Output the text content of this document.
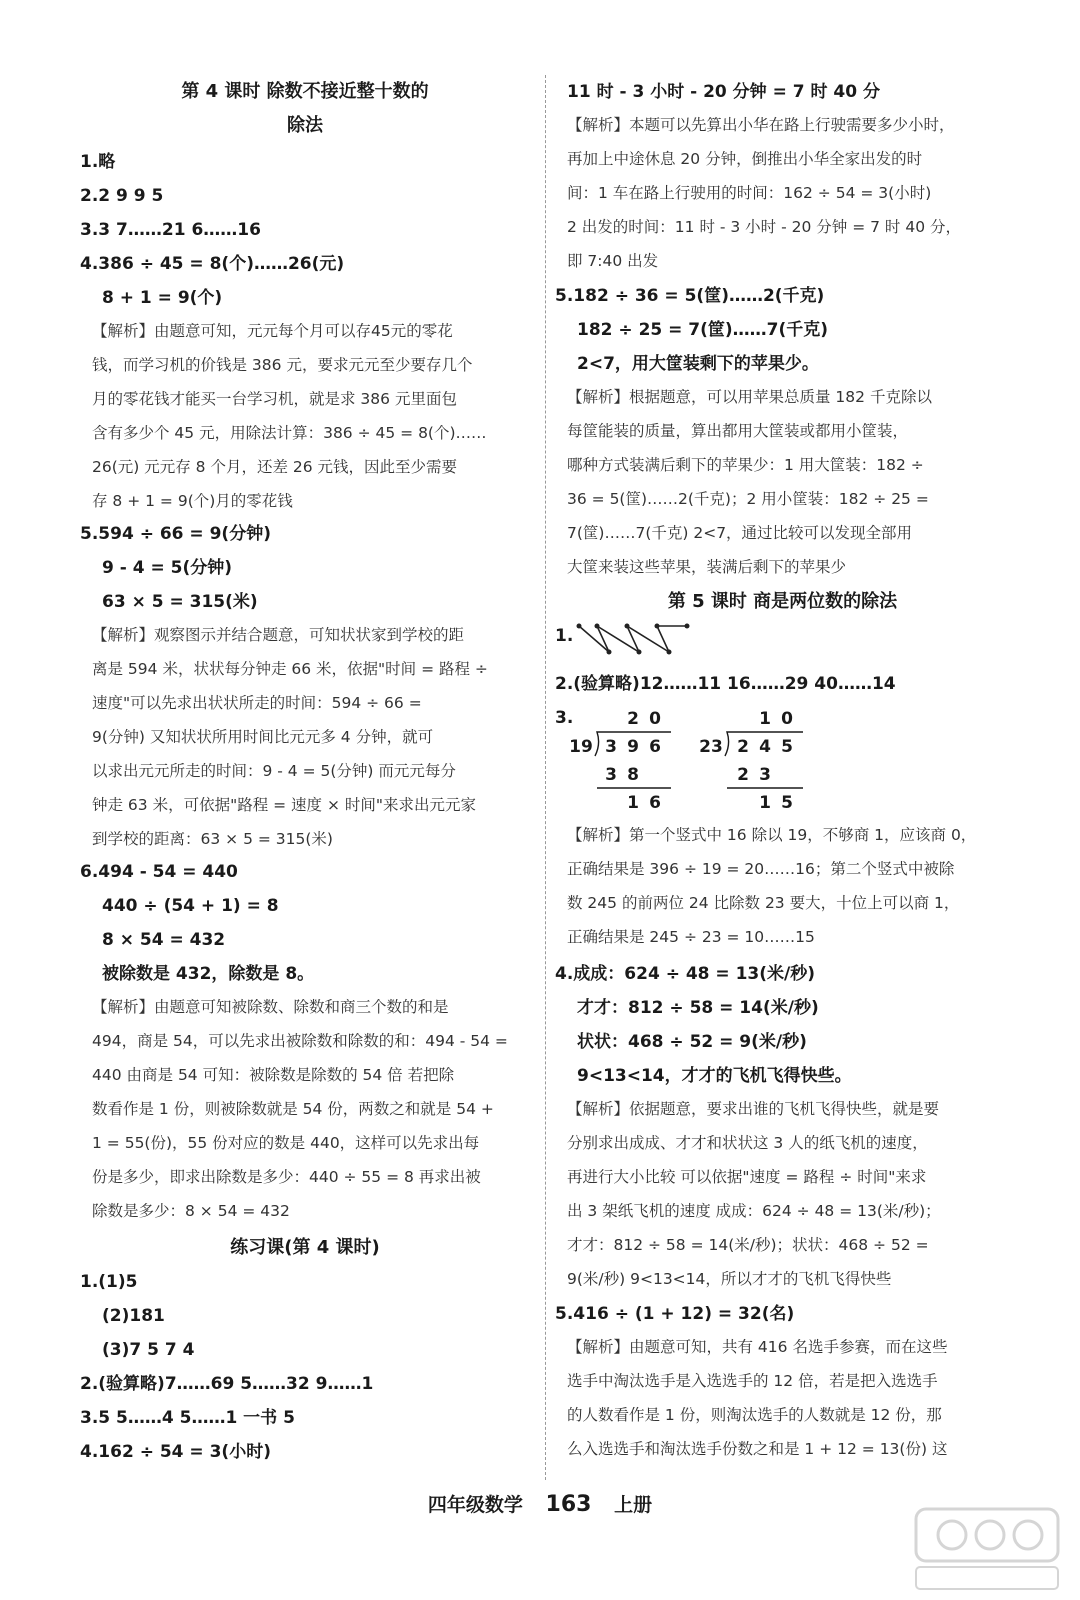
第 4 课时 除数不接近整十数的
除法
1.略
2.2 9 9 5
3.3 7……21 6……16
4.386 ÷ 45 = 8(个)……26(元)
8 + 1 = 9(个)
【解析】由题意可知，元元每个月可以存45元的零花
钱，而学习机的价钱是 386 元，要求元元至少要存几个
月的零花钱才能买一台学习机，就是求 386 元里面包
含有多少个 45 元，用除法计算：386 ÷ 45 = 8(个)……
26(元) 元元存 8 个月，还差 26 元钱，因此至少需要
存 8 + 1 = 9(个)月的零花钱
5.594 ÷ 66 = 9(分钟)
9 - 4 = 5(分钟)
63 × 5 = 315(米)
【解析】观察图示并结合题意，可知状状家到学校的距
离是 594 米，状状每分钟走 66 米，依据"时间 = 路程 ÷
速度"可以先求出状状所走的时间：594 ÷ 66 =
9(分钟) 又知状状所用时间比元元多 4 分钟，就可
以求出元元所走的时间：9 - 4 = 5(分钟) 而元元每分
钟走 63 米，可依据"路程 = 速度 × 时间"来求出元元家
到学校的距离：63 × 5 = 315(米)
6.494 - 54 = 440
440 ÷ (54 + 1) = 8
8 × 54 = 432
被除数是 432，除数是 8。
【解析】由题意可知被除数、除数和商三个数的和是
494，商是 54，可以先求出被除数和除数的和：494 - 54 =
440 由商是 54 可知：被除数是除数的 54 倍 若把除
数看作是 1 份，则被除数就是 54 份，两数之和就是 54 +
1 = 55(份)，55 份对应的数是 440，这样可以先求出每
份是多少，即求出除数是多少：440 ÷ 55 = 8 再求出被
除数是多少：8 × 54 = 432
练习课(第 4 课时)
1.(1)5
(2)181
(3)7 5 7 4
2.(验算略)7……69 5……32 9……1
3.5 5……4 5……1 一书 5
4.162 ÷ 54 = 3(小时)
11 时 - 3 小时 - 20 分钟 = 7 时 40 分
【解析】本题可以先算出小华在路上行驶需要多少小时，
再加上中途休息 20 分钟，倒推出小华全家出发的时
间：1 车在路上行驶用的时间：162 ÷ 54 = 3(小时)
2 出发的时间：11 时 - 3 小时 - 20 分钟 = 7 时 40 分，
即 7:40 出发
5.182 ÷ 36 = 5(筐)……2(千克)
182 ÷ 25 = 7(筐)……7(千克)
2<7，用大筐装剩下的苹果少。
【解析】根据题意，可以用苹果总质量 182 千克除以
每筐能装的质量，算出都用大筐装或都用小筐装，
哪种方式装满后剩下的苹果少：1 用大筐装：182 ÷
36 = 5(筐)……2(千克)；2 用小筐装：182 ÷ 25 =
7(筐)……7(千克) 2<7，通过比较可以发现全部用
大筐来装这些苹果，装满后剩下的苹果少
第 5 课时 商是两位数的除法
1.
2.(验算略)12……11 16……29 40……14
3.	2 0
19 3 9 6
3 8
1 6
1 0
23 2 4 5
2 3
1 5
【解析】第一个竖式中 16 除以 19，不够商 1，应该商 0，
正确结果是 396 ÷ 19 = 20……16；第二个竖式中被除
数 245 的前两位 24 比除数 23 要大，十位上可以商 1，
正确结果是 245 ÷ 23 = 10……15
4.成成：624 ÷ 48 = 13(米/秒)
才才：812 ÷ 58 = 14(米/秒)
状状：468 ÷ 52 = 9(米/秒)
9<13<14，才才的飞机飞得快些。
【解析】依据题意，要求出谁的飞机飞得快些，就是要
分别求出成成、才才和状状这 3 人的纸飞机的速度，
再进行大小比较 可以依据"速度 = 路程 ÷ 时间"来求
出 3 架纸飞机的速度 成成：624 ÷ 48 = 13(米/秒)；
才才：812 ÷ 58 = 14(米/秒)；状状：468 ÷ 52 =
9(米/秒) 9<13<14，所以才才的飞机飞得快些
5.416 ÷ (1 + 12) = 32(名)
【解析】由题意可知，共有 416 名选手参赛，而在这些
选手中淘汰选手是入选选手的 12 倍，若是把入选选手
的人数看作是 1 份，则淘汰选手的人数就是 12 份，那
么入选选手和淘汰选手份数之和是 1 + 12 = 13(份) 这
四年级数学 163 上册
